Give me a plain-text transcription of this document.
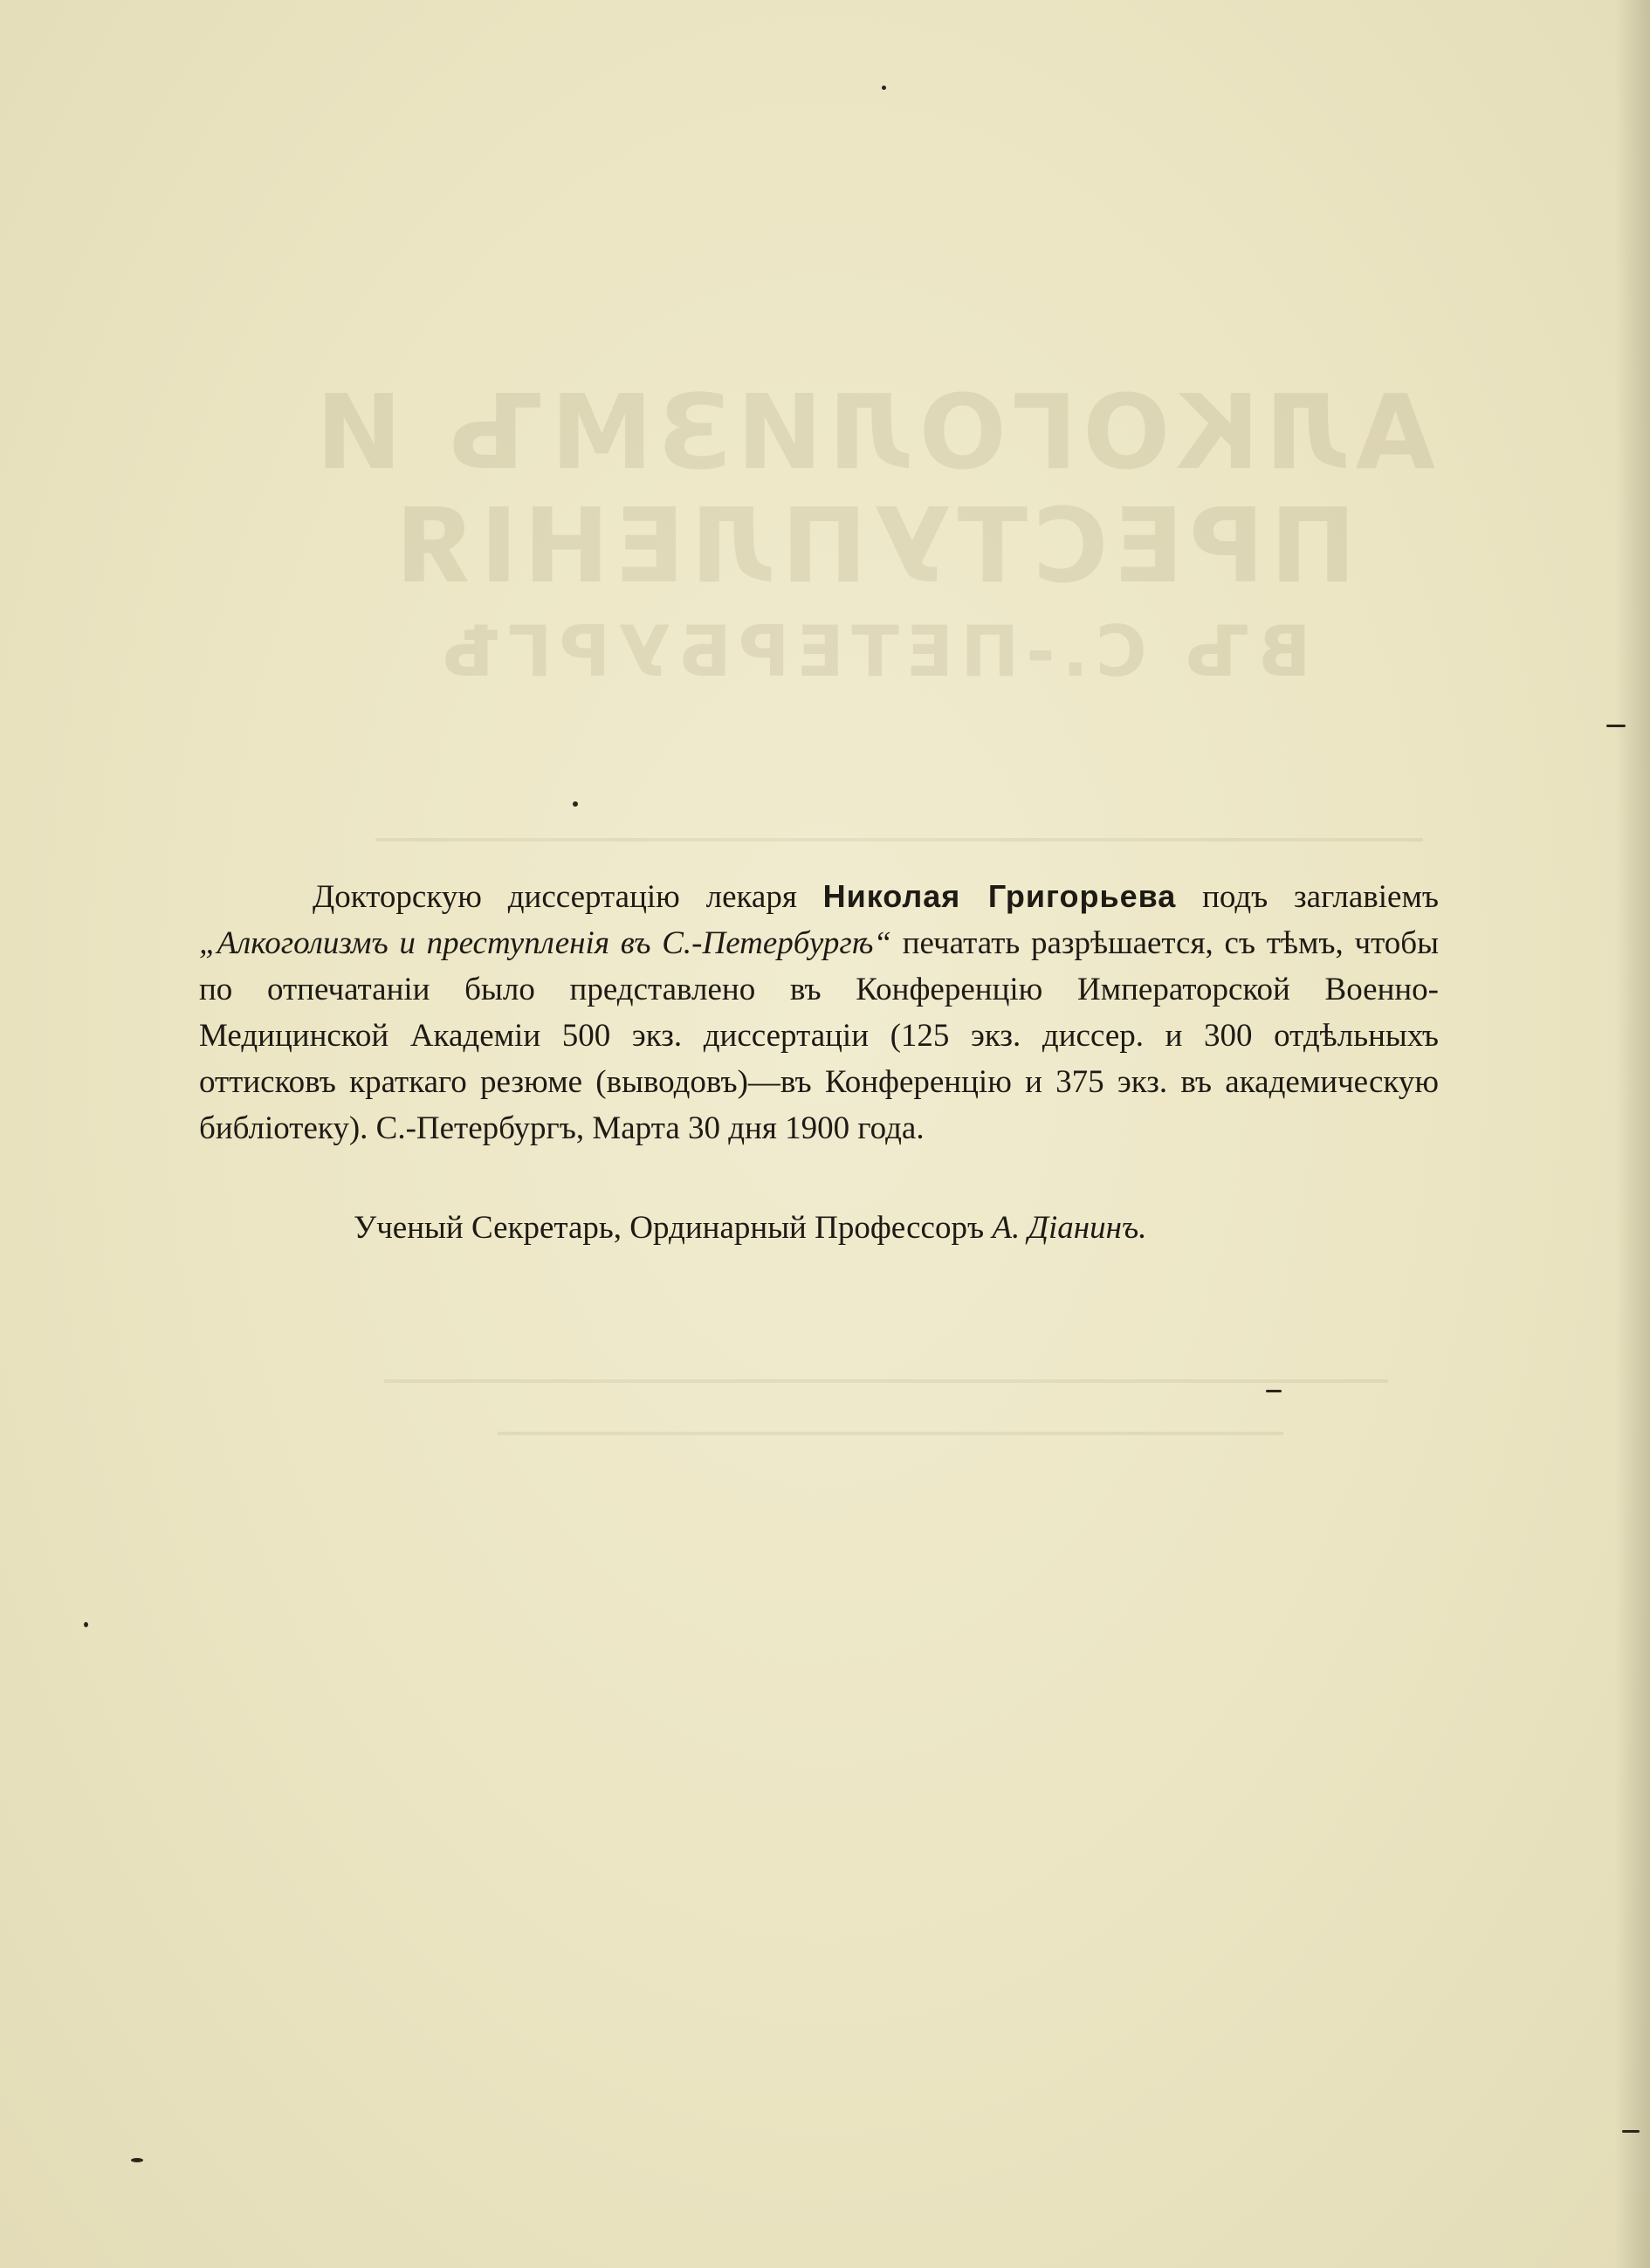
АЛКОГОЛИЗМЪ И ПРЕСТУПЛЕНІЯ
ВЪ С.-ПЕТЕРБУРГѢ

Докторскую диссертацію лекаря Николая Григорьева подъ заглавіемъ „Алкоголизмъ и преступленія въ С.-Петербургѣ“ печатать разрѣшается, съ тѣмъ, чтобы по отпечатаніи было представлено въ Конференцію Императорской Военно-Медицинской Академіи 500 экз. диссертаціи (125 экз. диссер. и 300 отдѣльныхъ оттисковъ краткаго резюме (выводовъ)—въ Конференцію и 375 экз. въ академическую библіотеку). С.-Петербургъ, Марта 30 дня 1900 года.

Ученый Секретарь, Ординарный Профессоръ А. Діанинъ.
